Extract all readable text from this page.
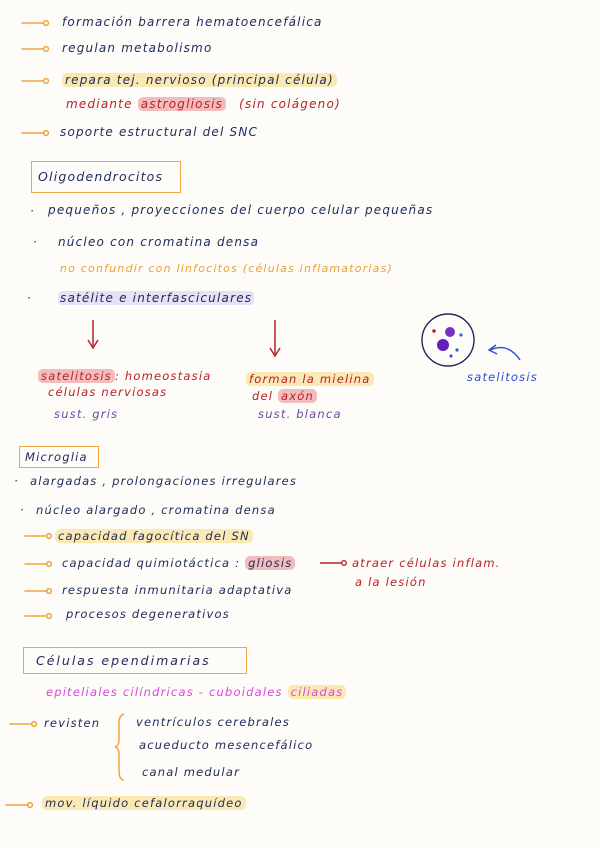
formación barrera hematoencefálica
regulan metabolismo
repara tej. nervioso (principal célula)
mediante astrogliosis (sin colágeno)
soporte estructural del SNC
Oligodendrocitos
· pequeños , proyecciones del cuerpo celular pequeñas
· núcleo con cromatina densa
no confundir con linfocitos (células inflamatorias)
· satélite e interfasciculares
satelitosis : homeostasia
células nerviosas
sust. gris
forman la mielina
del axón
sust. blanca
satelitosis
Microglia
· alargadas , prolongaciones irregulares
· núcleo alargado , cromatina densa
capacidad fagocítica del SN
capacidad quimiotáctica : gliosis	atraer células inflam.
a la lesión
respuesta inmunitaria adaptativa
procesos degenerativos
Células ependimarias
epiteliales cilíndricas - cuboidales ciliadas
revisten	ventrículos cerebrales
acueducto mesencefálico
canal medular
mov. líquido cefalorraquídeo
